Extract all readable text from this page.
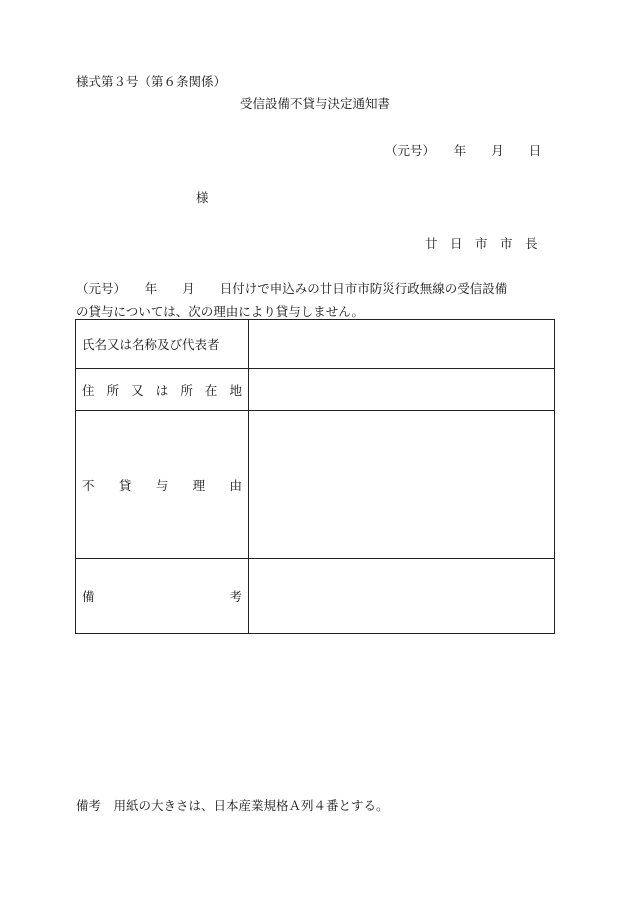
様式第３号（第６条関係）
受信設備不貸与決定通知書
（元号）　　年　　月　　日
様
廿　日　市　市　長
（元号）　　年　　月　　日付けで申込みの廿日市市防災行政無線の受信設備
の貸与については、次の理由により貸与しません。
氏名又は名称及び代表者	
住所又は所在地	
不貸与理由	
備考	
備考　用紙の大きさは、日本産業規格Ａ列４番とする。
